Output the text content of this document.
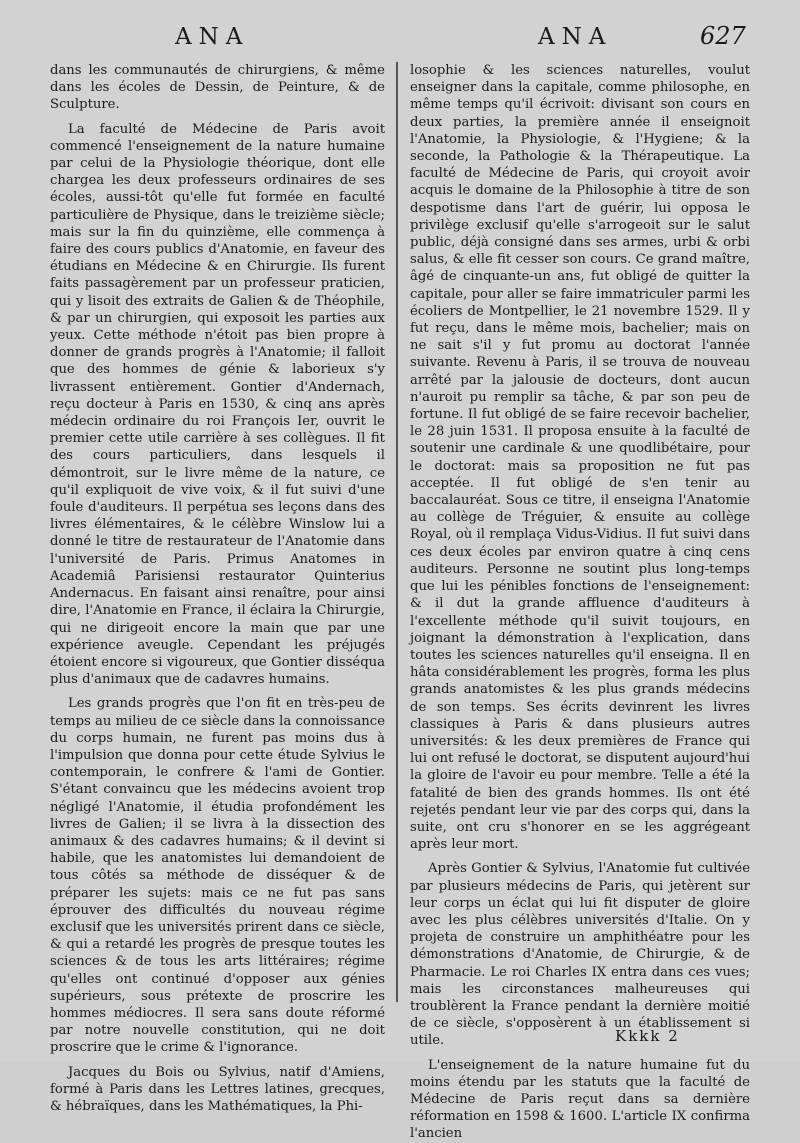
ANA	ANA	627

dans les communautés de chirurgiens, & même dans les écoles de Dessin, de Peinture, & de Sculpture.

La faculté de Médecine de Paris avoit commencé l'enseignement de la nature humaine par celui de la Physiologie théorique, dont elle chargea les deux professeurs ordinaires de ses écoles, aussi-tôt qu'elle fut formée en faculté particulière de Physique, dans le treizième siècle; mais sur la fin du quinzième, elle commença à faire des cours publics d'Anatomie, en faveur des étudians en Médecine & en Chirurgie. Ils furent faits passagèrement par un professeur praticien, qui y lisoit des extraits de Galien & de Théophile, & par un chirurgien, qui exposoit les parties aux yeux. Cette méthode n'étoit pas bien propre à donner de grands progrès à l'Anatomie; il falloit que des hommes de génie & laborieux s'y livrassent entièrement. Gontier d'Andernach, reçu docteur à Paris en 1530, & cinq ans après médecin ordinaire du roi François Ier, ouvrit le premier cette utile carrière à ses collègues. Il fit des cours particuliers, dans lesquels il démontroit, sur le livre même de la nature, ce qu'il expliquoit de vive voix, & il fut suivi d'une foule d'auditeurs. Il perpétua ses leçons dans des livres élémentaires, & le célèbre Winslow lui a donné le titre de restaurateur de l'Anatomie dans l'université de Paris. Primus Anatomes in Academiâ Parisiensi restaurator Quinterius Andernacus. En faisant ainsi renaître, pour ainsi dire, l'Anatomie en France, il éclaira la Chirurgie, qui ne dirigeoit encore la main que par une expérience aveugle. Cependant les préjugés étoient encore si vigoureux, que Gontier disséqua plus d'animaux que de cadavres humains.

Les grands progrès que l'on fit en très-peu de temps au milieu de ce siècle dans la connoissance du corps humain, ne furent pas moins dus à l'impulsion que donna pour cette étude Sylvius le contemporain, le confrere & l'ami de Gontier. S'étant convaincu que les médecins avoient trop négligé l'Anatomie, il étudia profondément les livres de Galien; il se livra à la dissection des animaux & des cadavres humains; & il devint si habile, que les anatomistes lui demandoient de tous côtés sa méthode de disséquer & de préparer les sujets: mais ce ne fut pas sans éprouver des difficultés du nouveau régime exclusif que les universités prirent dans ce siècle, & qui a retardé les progrès de presque toutes les sciences & de tous les arts littéraires; régime qu'elles ont continué d'opposer aux génies supérieurs, sous prétexte de proscrire les hommes médiocres. Il sera sans doute réformé par notre nouvelle constitution, qui ne doit proscrire que le crime & l'ignorance.

Jacques du Bois ou Sylvius, natif d'Amiens, formé à Paris dans les Lettres latines, grecques, & hébraïques, dans les Mathématiques, la Phi-

losophie & les sciences naturelles, voulut enseigner dans la capitale, comme philosophe, en même temps qu'il écrivoit: divisant son cours en deux parties, la première année il enseignoit l'Anatomie, la Physiologie, & l'Hygiene; & la seconde, la Pathologie & la Thérapeutique. La faculté de Médecine de Paris, qui croyoit avoir acquis le domaine de la Philosophie à titre de son despotisme dans l'art de guérir, lui opposa le privilège exclusif qu'elle s'arrogeoit sur le salut public, déjà consigné dans ses armes, urbi & orbi salus, & elle fit cesser son cours. Ce grand maître, âgé de cinquante-un ans, fut obligé de quitter la capitale, pour aller se faire immatriculer parmi les écoliers de Montpellier, le 21 novembre 1529. Il y fut reçu, dans le même mois, bachelier; mais on ne sait s'il y fut promu au doctorat l'année suivante. Revenu à Paris, il se trouva de nouveau arrêté par la jalousie de docteurs, dont aucun n'auroit pu remplir sa tâche, & par son peu de fortune. Il fut obligé de se faire recevoir bachelier, le 28 juin 1531. Il proposa ensuite à la faculté de soutenir une cardinale & une quodlibétaire, pour le doctorat: mais sa proposition ne fut pas acceptée. Il fut obligé de s'en tenir au baccalauréat. Sous ce titre, il enseigna l'Anatomie au collège de Tréguier, & ensuite au collège Royal, où il remplaça Vidus-Vidius. Il fut suivi dans ces deux écoles par environ quatre à cinq cens auditeurs. Personne ne soutint plus long-temps que lui les pénibles fonctions de l'enseignement: & il dut la grande affluence d'auditeurs à l'excellente méthode qu'il suivit toujours, en joignant la démonstration à l'explication, dans toutes les sciences naturelles qu'il enseigna. Il en hâta considérablement les progrès, forma les plus grands anatomistes & les plus grands médecins de son temps. Ses écrits devinrent les livres classiques à Paris & dans plusieurs autres universités: & les deux premières de France qui lui ont refusé le doctorat, se disputent aujourd'hui la gloire de l'avoir eu pour membre. Telle a été la fatalité de bien des grands hommes. Ils ont été rejetés pendant leur vie par des corps qui, dans la suite, ont cru s'honorer en se les aggrégeant après leur mort.

Après Gontier & Sylvius, l'Anatomie fut cultivée par plusieurs médecins de Paris, qui jetèrent sur leur corps un éclat qui lui fit disputer de gloire avec les plus célèbres universités d'Italie. On y projeta de construire un amphithéatre pour les démonstrations d'Anatomie, de Chirurgie, & de Pharmacie. Le roi Charles IX entra dans ces vues; mais les circonstances malheureuses qui troublèrent la France pendant la dernière moitié de ce siècle, s'opposèrent à un établissement si utile.

L'enseignement de la nature humaine fut du moins étendu par les statuts que la faculté de Médecine de Paris reçut dans sa dernière réformation en 1598 & 1600. L'article IX confirma l'ancien

Kkkk 2
